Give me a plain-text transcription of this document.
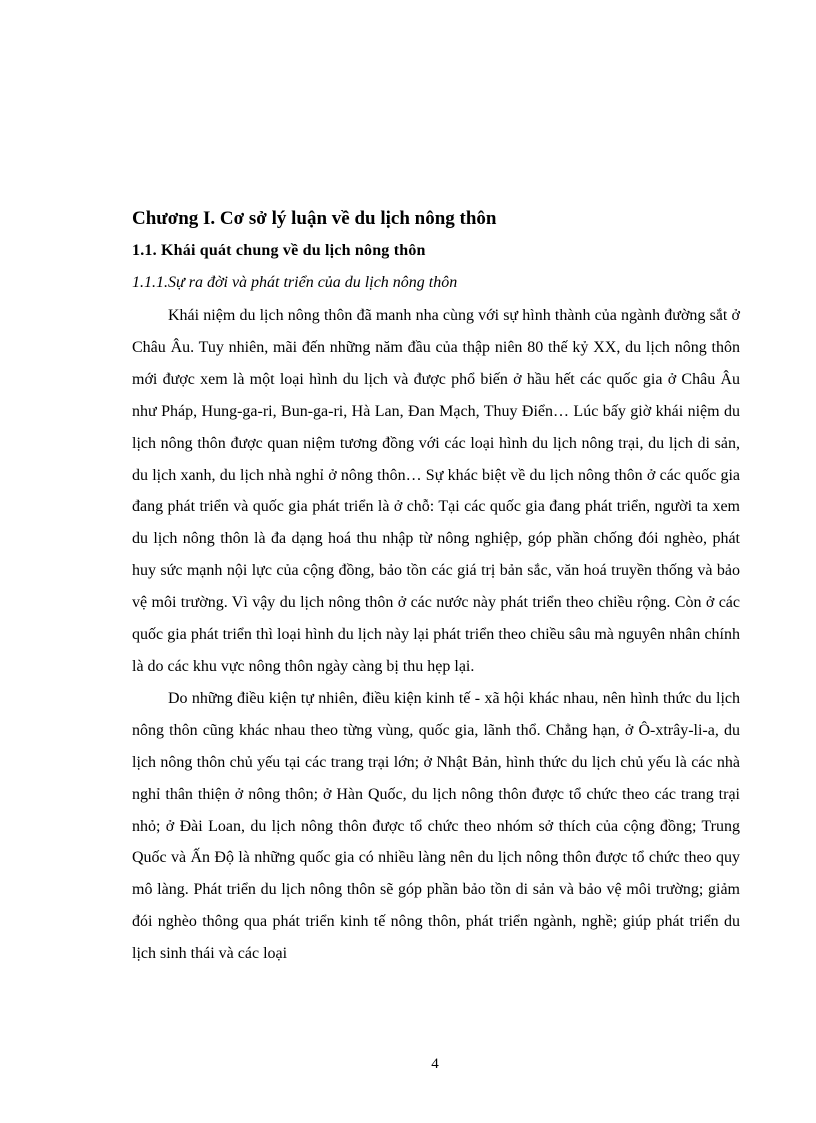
Chương I. Cơ sở lý luận về du lịch nông thôn
1.1. Khái quát chung về du lịch nông thôn
1.1.1.Sự ra đời và phát triển của du lịch nông thôn

Khái niệm du lịch nông thôn đã manh nha cùng với sự hình thành của ngành đường sắt ở Châu Âu. Tuy nhiên, mãi đến những năm đầu của thập niên 80 thế kỷ XX, du lịch nông thôn mới được xem là một loại hình du lịch và được phổ biến ở hầu hết các quốc gia ở Châu Âu như Pháp, Hung-ga-ri, Bun-ga-ri, Hà Lan, Đan Mạch, Thuy Điển… Lúc bấy giờ khái niệm du lịch nông thôn được quan niệm tương đồng với các loại hình du lịch nông trại, du lịch di sản, du lịch xanh, du lịch nhà nghỉ ở nông thôn… Sự khác biệt về du lịch nông thôn ở các quốc gia đang phát triển và quốc gia phát triển là ở chỗ: Tại các quốc gia đang phát triển, người ta xem du lịch nông thôn là đa dạng hoá thu nhập từ nông nghiệp, góp phần chống đói nghèo, phát huy sức mạnh nội lực của cộng đồng, bảo tồn các giá trị bản sắc, văn hoá truyền thống và bảo vệ môi trường. Vì vậy du lịch nông thôn ở các nước này phát triển theo chiều rộng. Còn ở các quốc gia phát triển thì loại hình du lịch này lại phát triển theo chiều sâu mà nguyên nhân chính là do các khu vực nông thôn ngày càng bị thu hẹp lại.

Do những điều kiện tự nhiên, điều kiện kinh tế - xã hội khác nhau, nên hình thức du lịch nông thôn cũng khác nhau theo từng vùng, quốc gia, lãnh thổ. Chẳng hạn, ở Ô-xtrây-li-a, du lịch nông thôn chủ yếu tại các trang trại lớn; ở Nhật Bản, hình thức du lịch chủ yếu là các nhà nghỉ thân thiện ở nông thôn; ở Hàn Quốc, du lịch nông thôn được tổ chức theo các trang trại nhỏ; ở Đài Loan, du lịch nông thôn được tổ chức theo nhóm sở thích của cộng đồng; Trung Quốc và Ấn Độ là những quốc gia có nhiều làng nên du lịch nông thôn được tổ chức theo quy mô làng. Phát triển du lịch nông thôn sẽ góp phần bảo tồn di sản và bảo vệ môi trường; giảm đói nghèo thông qua phát triển kinh tế nông thôn, phát triển ngành, nghề; giúp phát triển du lịch sinh thái và các loại

4
